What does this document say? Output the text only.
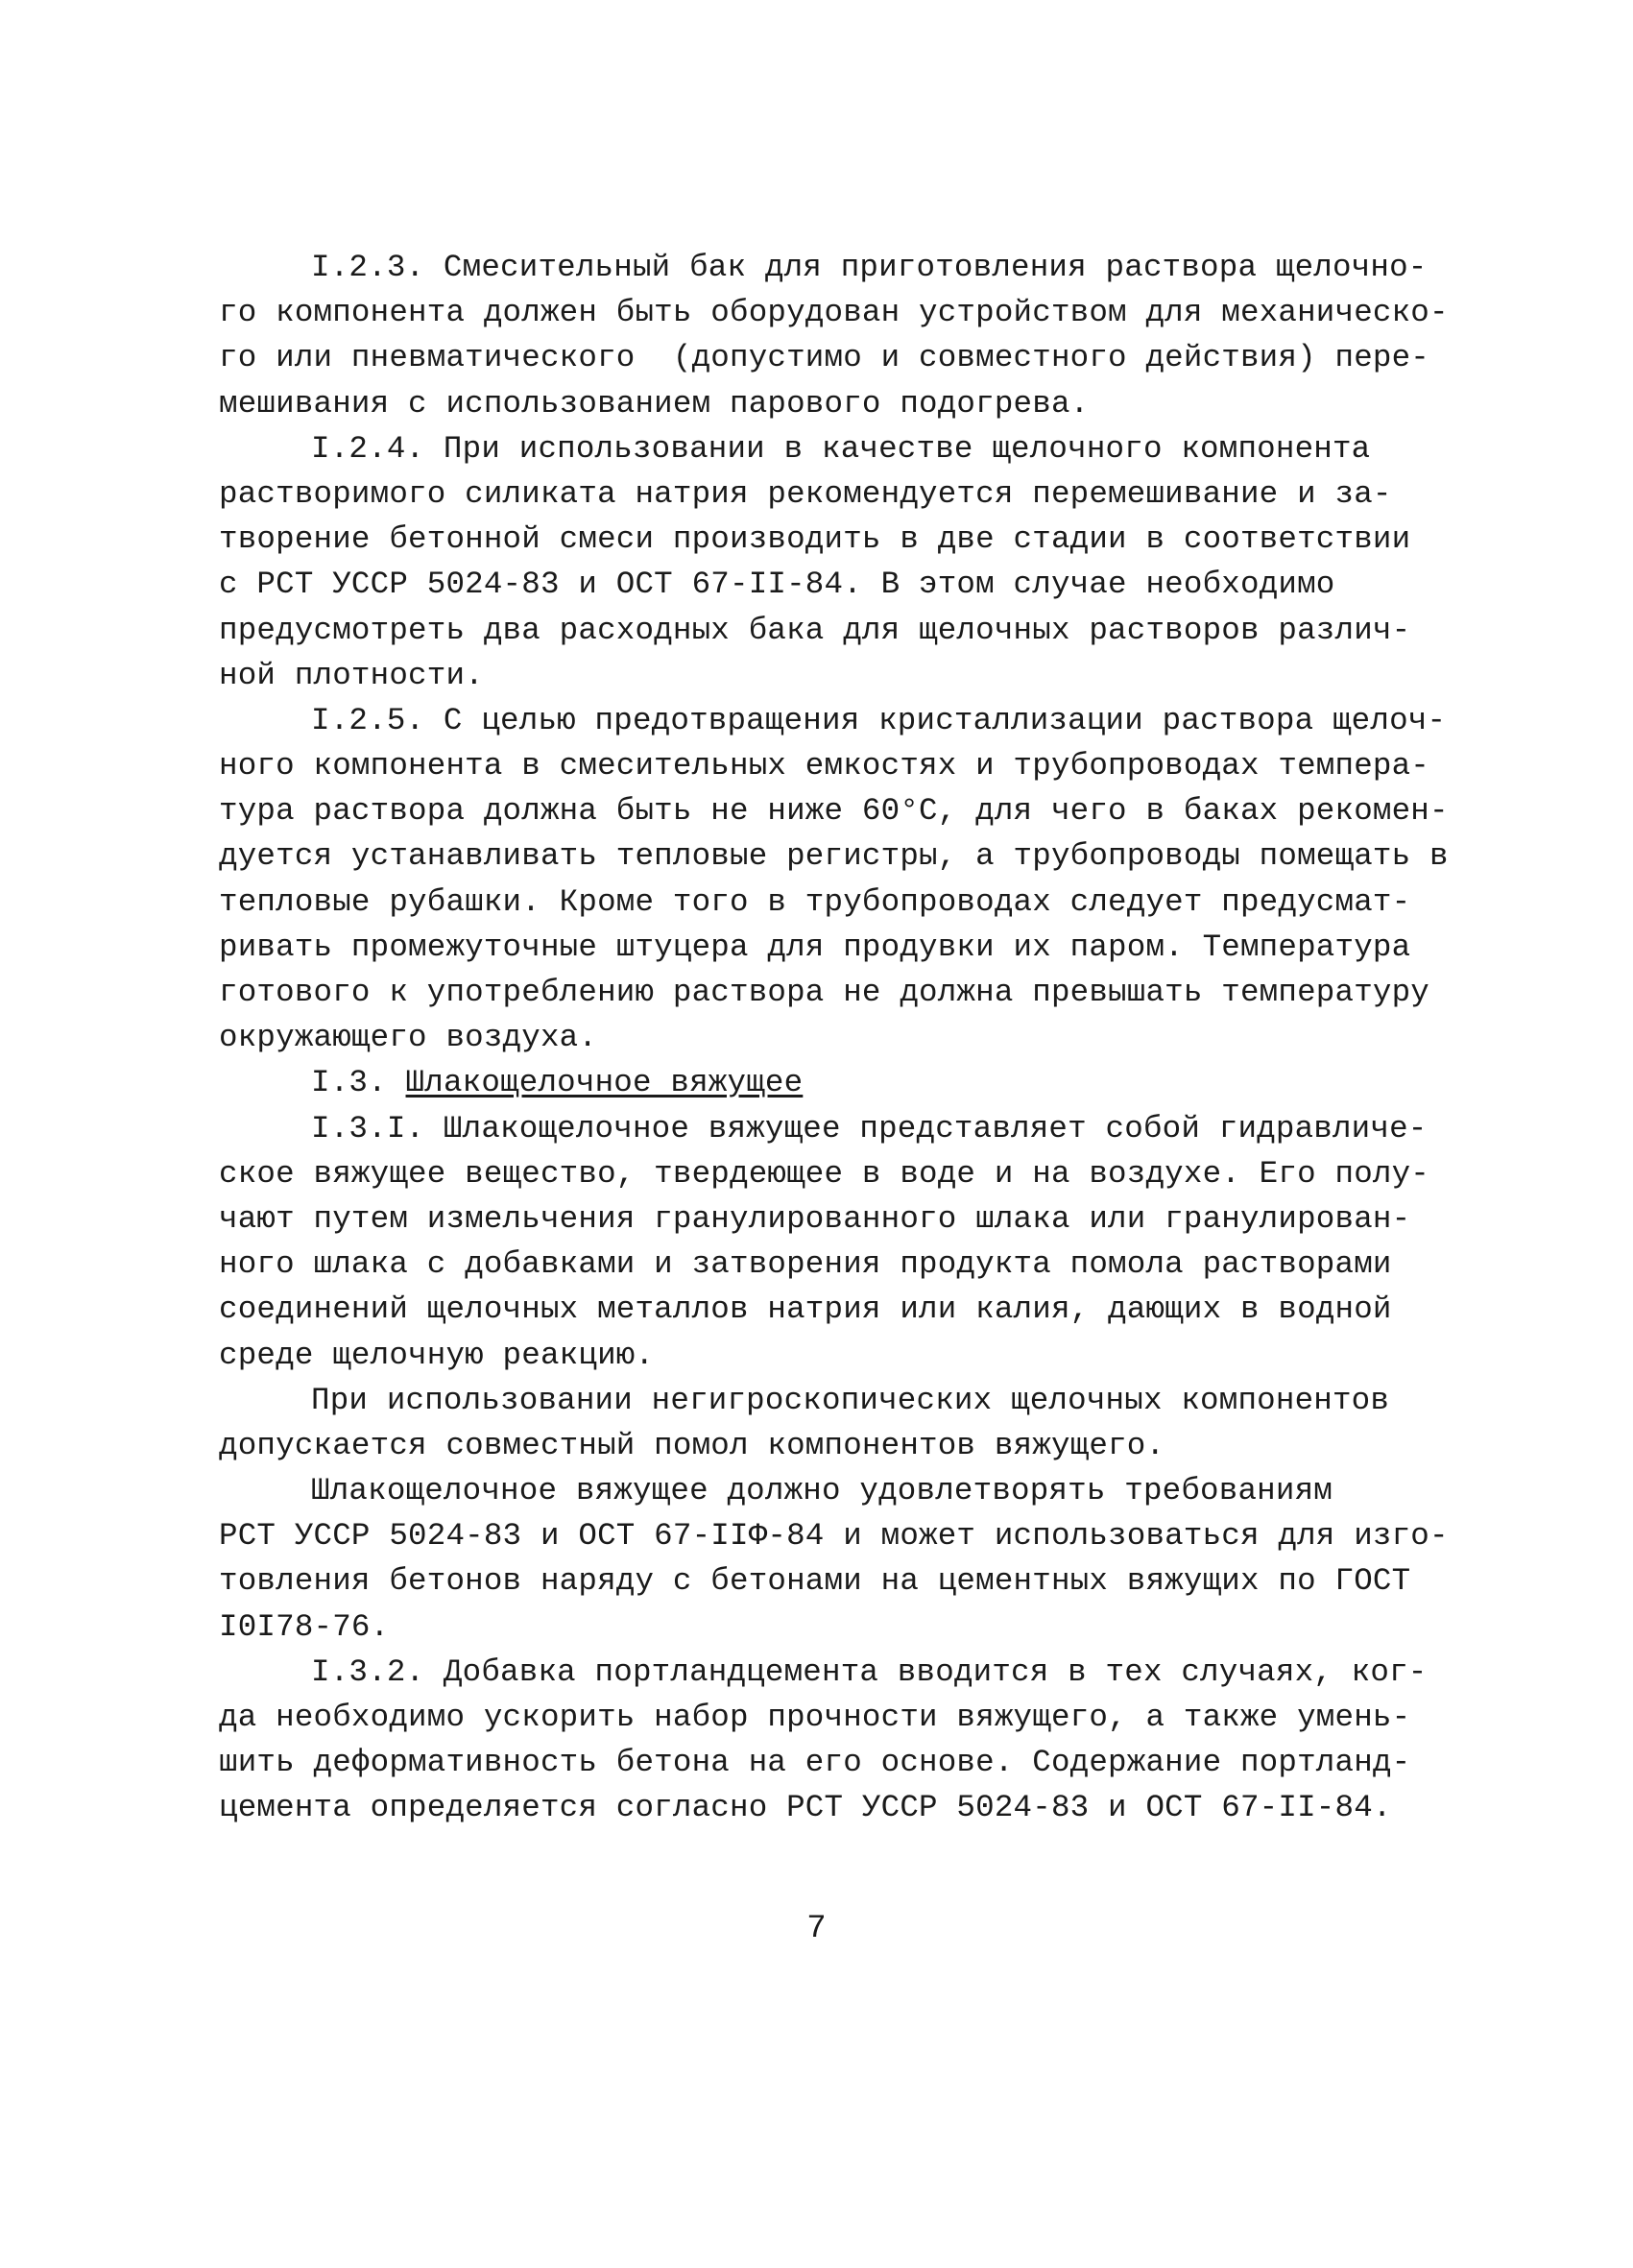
I.2.3. Смесительный бак для приготовления раствора щелочно-
го компонента должен быть оборудован устройством для механическо-
го или пневматического  (допустимо и совместного действия) пере-
мешивания с использованием парового подогрева.
I.2.4. При использовании в качестве щелочного компонента
растворимого силиката натрия рекомендуется перемешивание и за-
творение бетонной смеси производить в две стадии в соответствии
с РСТ УССР 5024-83 и ОСТ 67-II-84. В этом случае необходимо
предусмотреть два расходных бака для щелочных растворов различ-
ной плотности.
I.2.5. С целью предотвращения кристаллизации раствора щелоч-
ного компонента в смесительных емкостях и трубопроводах темпера-
тура раствора должна быть не ниже 60°С, для чего в баках рекомен-
дуется устанавливать тепловые регистры, а трубопроводы помещать в
тепловые рубашки. Кроме того в трубопроводах следует предусмат-
ривать промежуточные штуцера для продувки их паром. Температура
готового к употреблению раствора не должна превышать температуру
окружающего воздуха.
I.3. Шлакощелочное вяжущее
I.3.I. Шлакощелочное вяжущее представляет собой гидравличе-
ское вяжущее вещество, твердеющее в воде и на воздухе. Его полу-
чают путем измельчения гранулированного шлака или гранулирован-
ного шлака с добавками и затворения продукта помола растворами
соединений щелочных металлов натрия или калия, дающих в водной
среде щелочную реакцию.
При использовании негигроскопических щелочных компонентов
допускается совместный помол компонентов вяжущего.
Шлакощелочное вяжущее должно удовлетворять требованиям
РСТ УССР 5024-83 и ОСТ 67-IIФ-84 и может использоваться для изго-
товления бетонов наряду с бетонами на цементных вяжущих по ГОСТ
I0I78-76.
I.3.2. Добавка портландцемента вводится в тех случаях, ког-
да необходимо ускорить набор прочности вяжущего, а также умень-
шить деформативность бетона на его основе. Содержание портланд-
цемента определяется согласно РСТ УССР 5024-83 и ОСТ 67-II-84.
7
